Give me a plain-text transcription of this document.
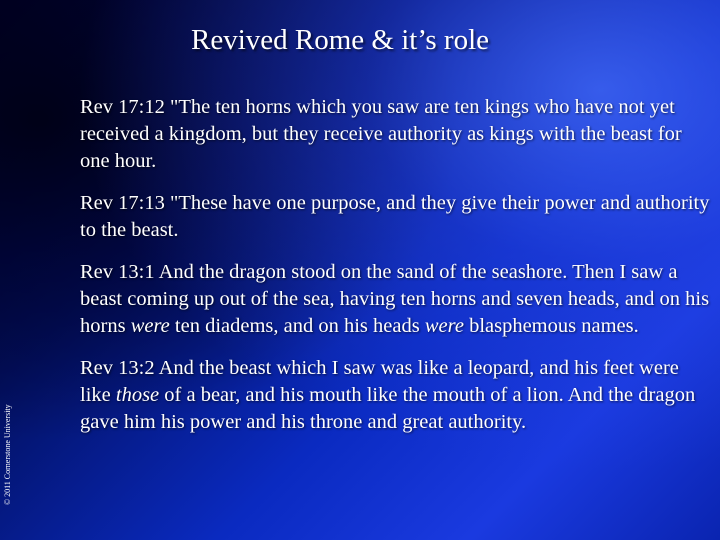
Revived Rome & it’s role

Rev 17:12 "The ten horns which you saw are ten kings who have not yet received a kingdom, but they receive authority as kings with the beast for one hour.

Rev 17:13 "These have one purpose, and they give their power and authority to the beast.

Rev 13:1 And the dragon stood on the sand of the seashore. Then I saw a beast coming up out of the sea, having ten horns and seven heads, and on his horns were ten diadems, and on his heads were blasphemous names.

Rev 13:2 And the beast which I saw was like a leopard, and his feet were like those of a bear, and his mouth like the mouth of a lion. And the dragon gave him his power and his throne and great authority.

© 2011 Cornerstone University
